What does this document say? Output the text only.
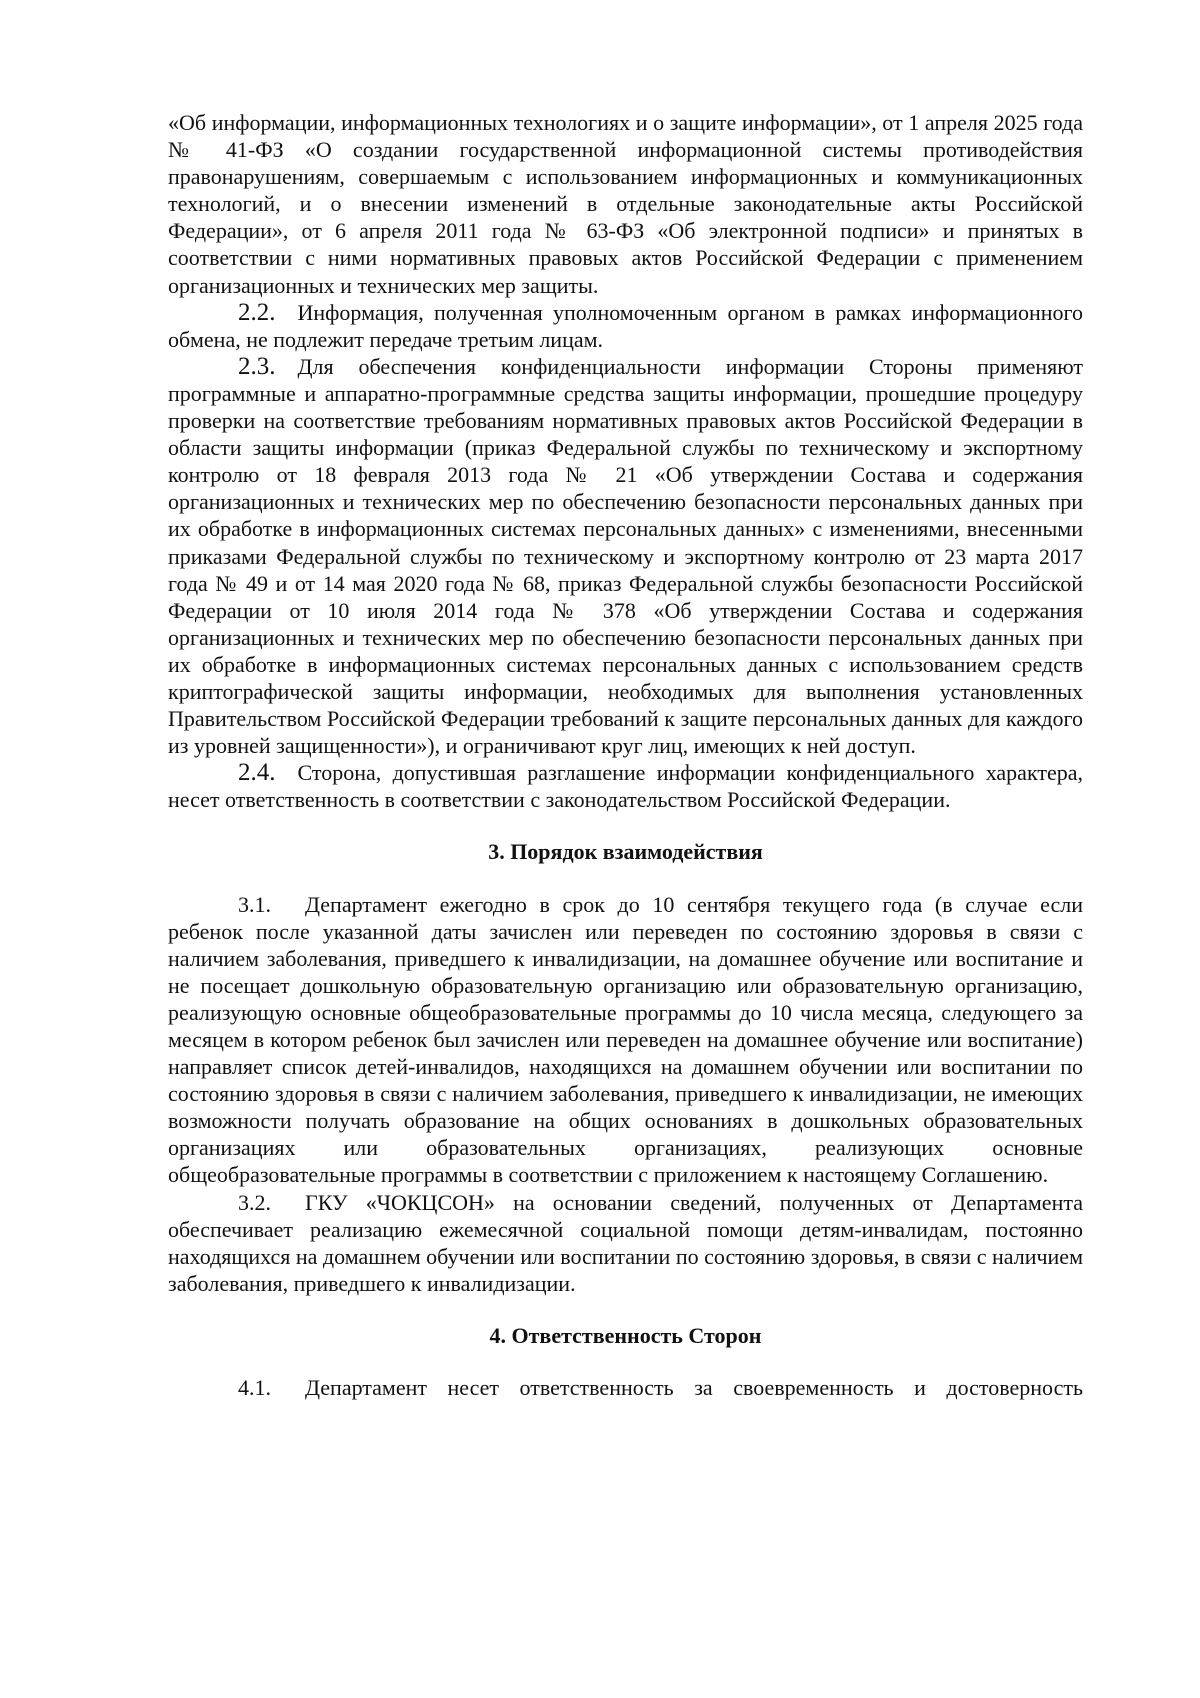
«Об информации, информационных технологиях и о защите информации», от 1 апреля 2025 года № 41-ФЗ «О создании государственной информационной системы противодействия правонарушениям, совершаемым с использованием информационных и коммуникационных технологий, и о внесении изменений в отдельные законодательные акты Российской Федерации», от 6 апреля 2011 года № 63-ФЗ «Об электронной подписи» и принятых в соответствии с ними нормативных правовых актов Российской Федерации с применением организационных и технических мер защиты.

2.2. Информация, полученная уполномоченным органом в рамках информационного обмена, не подлежит передаче третьим лицам.

2.3. Для обеспечения конфиденциальности информации Стороны применяют программные и аппаратно-программные средства защиты информации, прошедшие процедуру проверки на соответствие требованиям нормативных правовых актов Российской Федерации в области защиты информации (приказ Федеральной службы по техническому и экспортному контролю от 18 февраля 2013 года № 21 «Об утверждении Состава и содержания организационных и технических мер по обеспечению безопасности персональных данных при их обработке в информационных системах персональных данных» с изменениями, внесенными приказами Федеральной службы по техническому и экспортному контролю от 23 марта 2017 года № 49 и от 14 мая 2020 года № 68, приказ Федеральной службы безопасности Российской Федерации от 10 июля 2014 года № 378 «Об утверждении Состава и содержания организационных и технических мер по обеспечению безопасности персональных данных при их обработке в информационных системах персональных данных с использованием средств криптографической защиты информации, необходимых для выполнения установленных Правительством Российской Федерации требований к защите персональных данных для каждого из уровней защищенности»), и ограничивают круг лиц, имеющих к ней доступ.

2.4. Сторона, допустившая разглашение информации конфиденциального характера, несет ответственность в соответствии с законодательством Российской Федерации.

3. Порядок взаимодействия

3.1. Департамент ежегодно в срок до 10 сентября текущего года (в случае если ребенок после указанной даты зачислен или переведен по состоянию здоровья в связи с наличием заболевания, приведшего к инвалидизации, на домашнее обучение или воспитание и не посещает дошкольную образовательную организацию или образовательную организацию, реализующую основные общеобразовательные программы до 10 числа месяца, следующего за месяцем в котором ребенок был зачислен или переведен на домашнее обучение или воспитание) направляет список детей-инвалидов, находящихся на домашнем обучении или воспитании по состоянию здоровья в связи с наличием заболевания, приведшего к инвалидизации, не имеющих возможности получать образование на общих основаниях в дошкольных образовательных организациях или образовательных организациях, реализующих основные общеобразовательные программы в соответствии с приложением к настоящему Соглашению.

3.2. ГКУ «ЧОКЦСОН» на основании сведений, полученных от Департамента обеспечивает реализацию ежемесячной социальной помощи детям-инвалидам, постоянно находящихся на домашнем обучении или воспитании по состоянию здоровья, в связи с наличием заболевания, приведшего к инвалидизации.

4. Ответственность Сторон

4.1. Департамент несет ответственность за своевременность и достоверность
